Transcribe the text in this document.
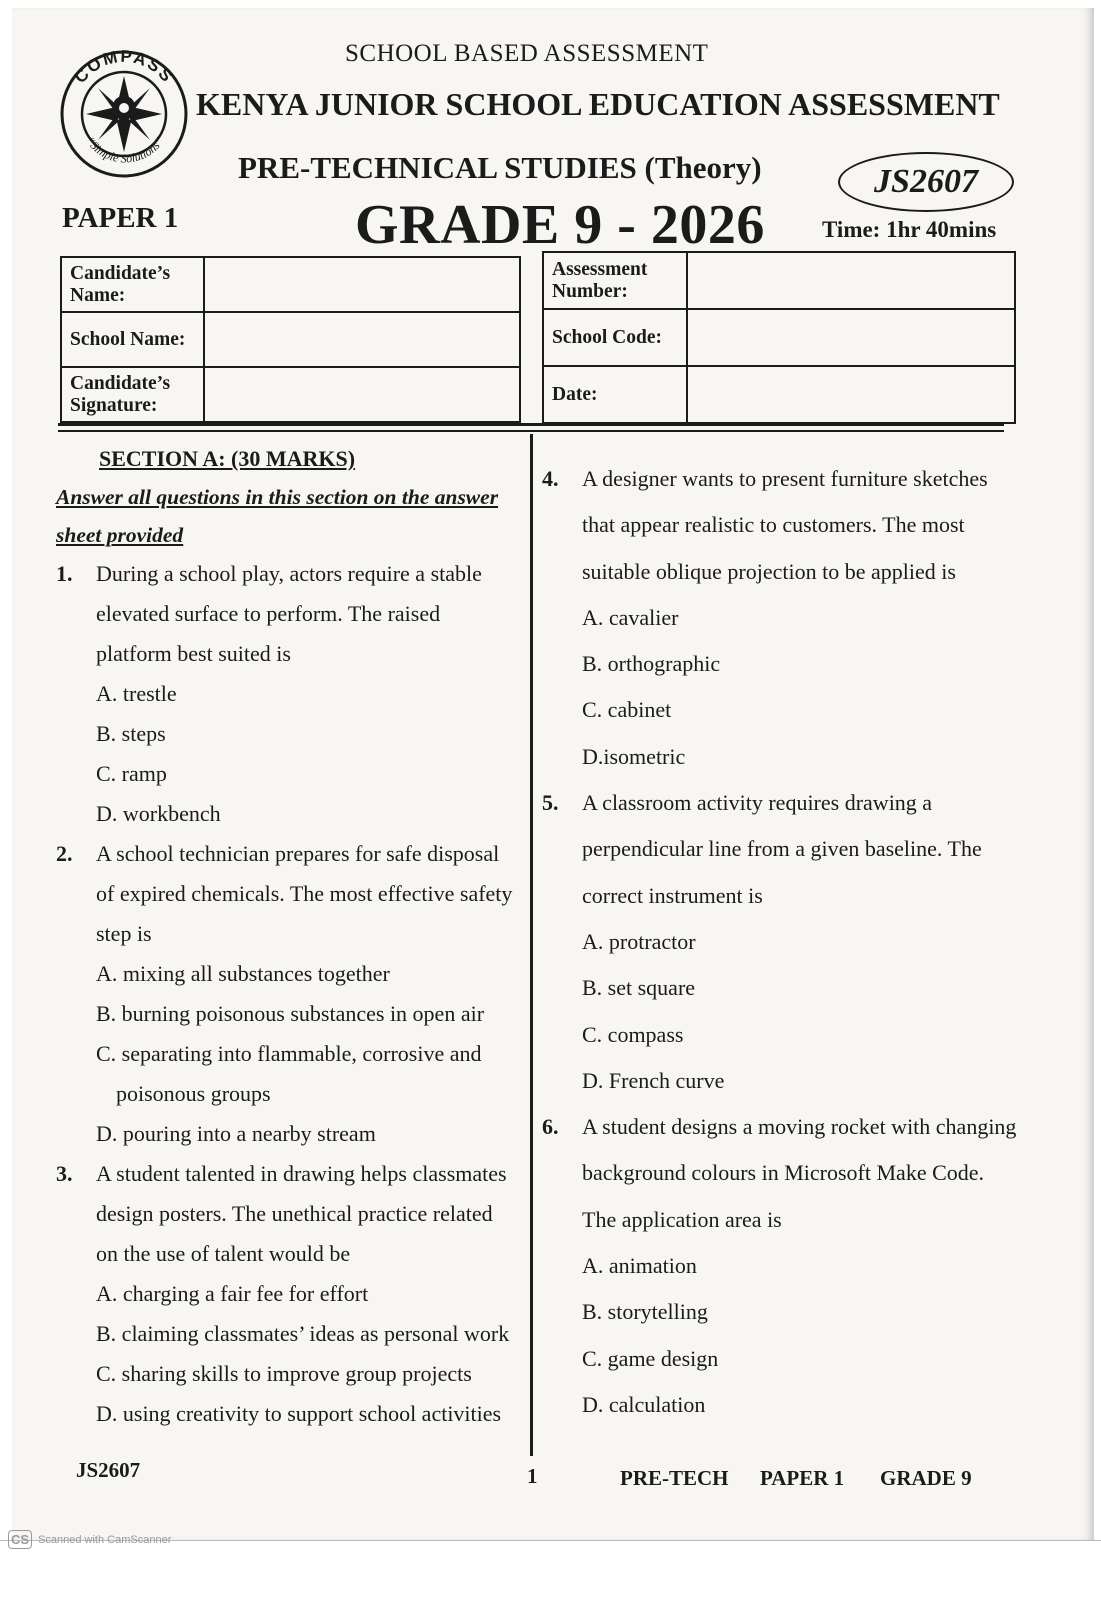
COMPASS
“Simple Solutions”
SCHOOL BASED ASSESSMENT
KENYA JUNIOR SCHOOL EDUCATION ASSESSMENT
PRE-TECHNICAL STUDIES (Theory)	JS2607
PAPER 1	GRADE 9 - 2026 Time: 1hr 40mins
Candidate’s Name:	
School Name:	
Candidate’s Signature:	
Assessment Number:	
School Code:	
Date:	
SECTION A: (30 MARKS)
Answer all questions in this section on the answer sheet provided
1. During a school play, actors require a stable
elevated surface to perform. The raised
platform best suited is
A. trestle
B. steps
C. ramp
D. workbench
2. A school technician prepares for safe disposal
of expired chemicals. The most effective safety
step is
A. mixing all substances together
B. burning poisonous substances in open air
C. separating into flammable, corrosive and
poisonous groups
D. pouring into a nearby stream
3. A student talented in drawing helps classmates
design posters. The unethical practice related
on the use of talent would be
A. charging a fair fee for effort
B. claiming classmates’ ideas as personal work
C. sharing skills to improve group projects
D. using creativity to support school activities
4. A designer wants to present furniture sketches
that appear realistic to customers. The most
suitable oblique projection to be applied is
A. cavalier
B. orthographic
C. cabinet
D.isometric
5. A classroom activity requires drawing a
perpendicular line from a given baseline. The
correct instrument is
A. protractor
B. set square
C. compass
D. French curve
6. A student designs a moving rocket with changing
background colours in Microsoft Make Code.
The application area is
A. animation
B. storytelling
C. game design
D. calculation
JS2607	1	PRE-TECH PAPER 1 GRADE 9
CS Scanned with CamScanner
